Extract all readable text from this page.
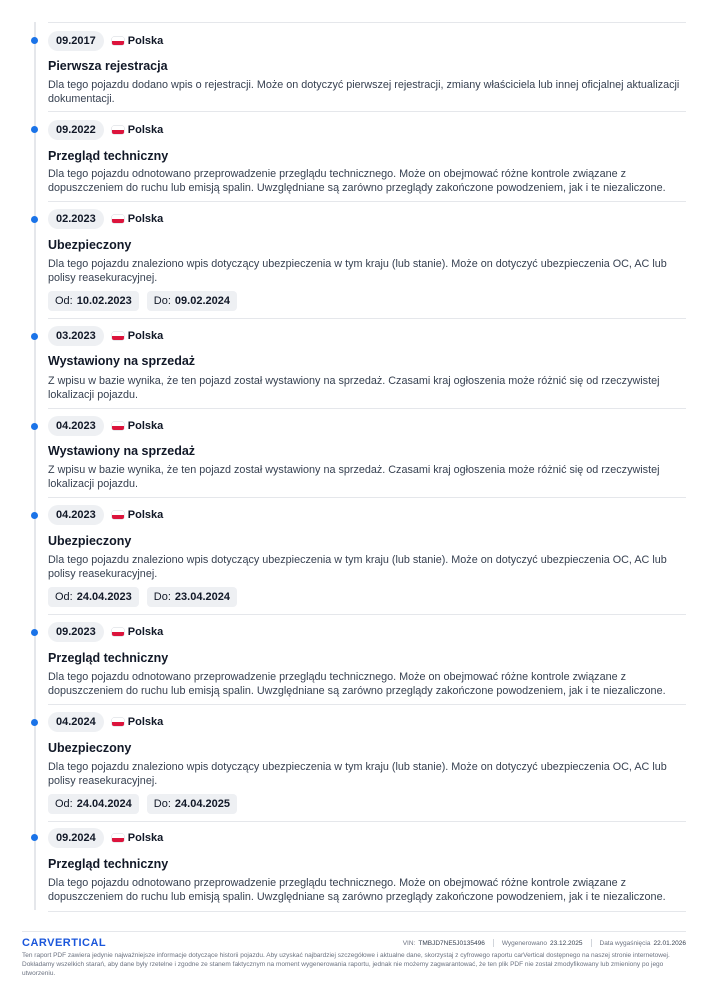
09.2017	Polska
Pierwsza rejestracja
Dla tego pojazdu dodano wpis o rejestracji. Może on dotyczyć pierwszej rejestracji, zmiany właściciela lub innej oficjalnej aktualizacji dokumentacji.
09.2022	Polska
Przegląd techniczny
Dla tego pojazdu odnotowano przeprowadzenie przeglądu technicznego. Może on obejmować różne kontrole związane z dopuszczeniem do ruchu lub emisją spalin. Uwzględniane są zarówno przeglądy zakończone powodzeniem, jak i te niezaliczone.
02.2023	Polska
Ubezpieczony
Dla tego pojazdu znaleziono wpis dotyczący ubezpieczenia w tym kraju (lub stanie). Może on dotyczyć ubezpieczenia OC, AC lub polisy reasekuracyjnej.
Od: 10.02.2023 Do: 09.02.2024
03.2023	Polska
Wystawiony na sprzedaż
Z wpisu w bazie wynika, że ten pojazd został wystawiony na sprzedaż. Czasami kraj ogłoszenia może różnić się od rzeczywistej lokalizacji pojazdu.
04.2023	Polska
Wystawiony na sprzedaż
Z wpisu w bazie wynika, że ten pojazd został wystawiony na sprzedaż. Czasami kraj ogłoszenia może różnić się od rzeczywistej lokalizacji pojazdu.
04.2023	Polska
Ubezpieczony
Dla tego pojazdu znaleziono wpis dotyczący ubezpieczenia w tym kraju (lub stanie). Może on dotyczyć ubezpieczenia OC, AC lub polisy reasekuracyjnej.
Od: 24.04.2023 Do: 23.04.2024
09.2023	Polska
Przegląd techniczny
Dla tego pojazdu odnotowano przeprowadzenie przeglądu technicznego. Może on obejmować różne kontrole związane z dopuszczeniem do ruchu lub emisją spalin. Uwzględniane są zarówno przeglądy zakończone powodzeniem, jak i te niezaliczone.
04.2024	Polska
Ubezpieczony
Dla tego pojazdu znaleziono wpis dotyczący ubezpieczenia w tym kraju (lub stanie). Może on dotyczyć ubezpieczenia OC, AC lub polisy reasekuracyjnej.
Od: 24.04.2024 Do: 24.04.2025
09.2024	Polska
Przegląd techniczny
Dla tego pojazdu odnotowano przeprowadzenie przeglądu technicznego. Może on obejmować różne kontrole związane z dopuszczeniem do ruchu lub emisją spalin. Uwzględniane są zarówno przeglądy zakończone powodzeniem, jak i te niezaliczone.
CARVERTICAL	VIN: TMBJD7NE5J0135496	Wygenerowano 23.12.2025	Data wygaśnięcia 22.01.2026
Ten raport PDF zawiera jedynie najważniejsze informacje dotyczące historii pojazdu. Aby uzyskać najbardziej szczegółowe i aktualne dane, skorzystaj z cyfrowego raportu carVertical dostępnego na naszej stronie internetowej. Dokładamy wszelkich starań, aby dane były rzetelne i zgodne ze stanem faktycznym na moment wygenerowania raportu, jednak nie możemy zagwarantować, że ten plik PDF nie został zmodyfikowany lub zmieniony po jego utworzeniu.
